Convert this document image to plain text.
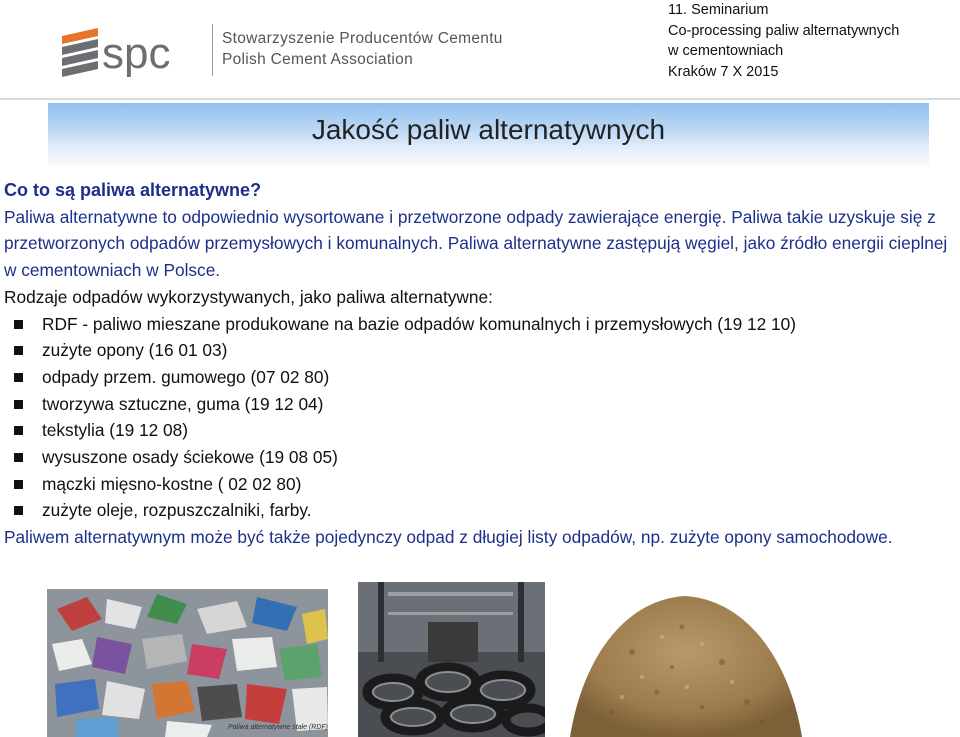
spc	Stowarzyszenie Producentów Cementu
Polish Cement Association
11. Seminarium
Co-processing paliw alternatywnych
w cementowniach
Kraków 7 X 2015
Jakość paliw alternatywnych

Co to są paliwa alternatywne?

Paliwa alternatywne to odpowiednio wysortowane i przetworzone odpady zawierające energię. Paliwa takie uzyskuje się z przetworzonych odpadów przemysłowych i komunalnych. Paliwa alternatywne zastępują węgiel, jako źródło energii cieplnej w cementowniach w Polsce.

Rodzaje odpadów wykorzystywanych, jako paliwa alternatywne:

RDF - paliwo mieszane produkowane na bazie odpadów komunalnych i przemysłowych (19 12 10)
zużyte opony (16 01 03)
odpady przem. gumowego (07 02 80)
tworzywa sztuczne, guma (19 12 04)
tekstylia (19 12 08)
wysuszone osady ściekowe (19 08 05)
mączki mięsno-kostne ( 02 02 80)
zużyte oleje, rozpuszczalniki, farby.

Paliwem alternatywnym może być także pojedynczy odpad z długiej listy odpadów, np. zużyte opony samochodowe.

Paliwa alternatywne stałe (RDF)
